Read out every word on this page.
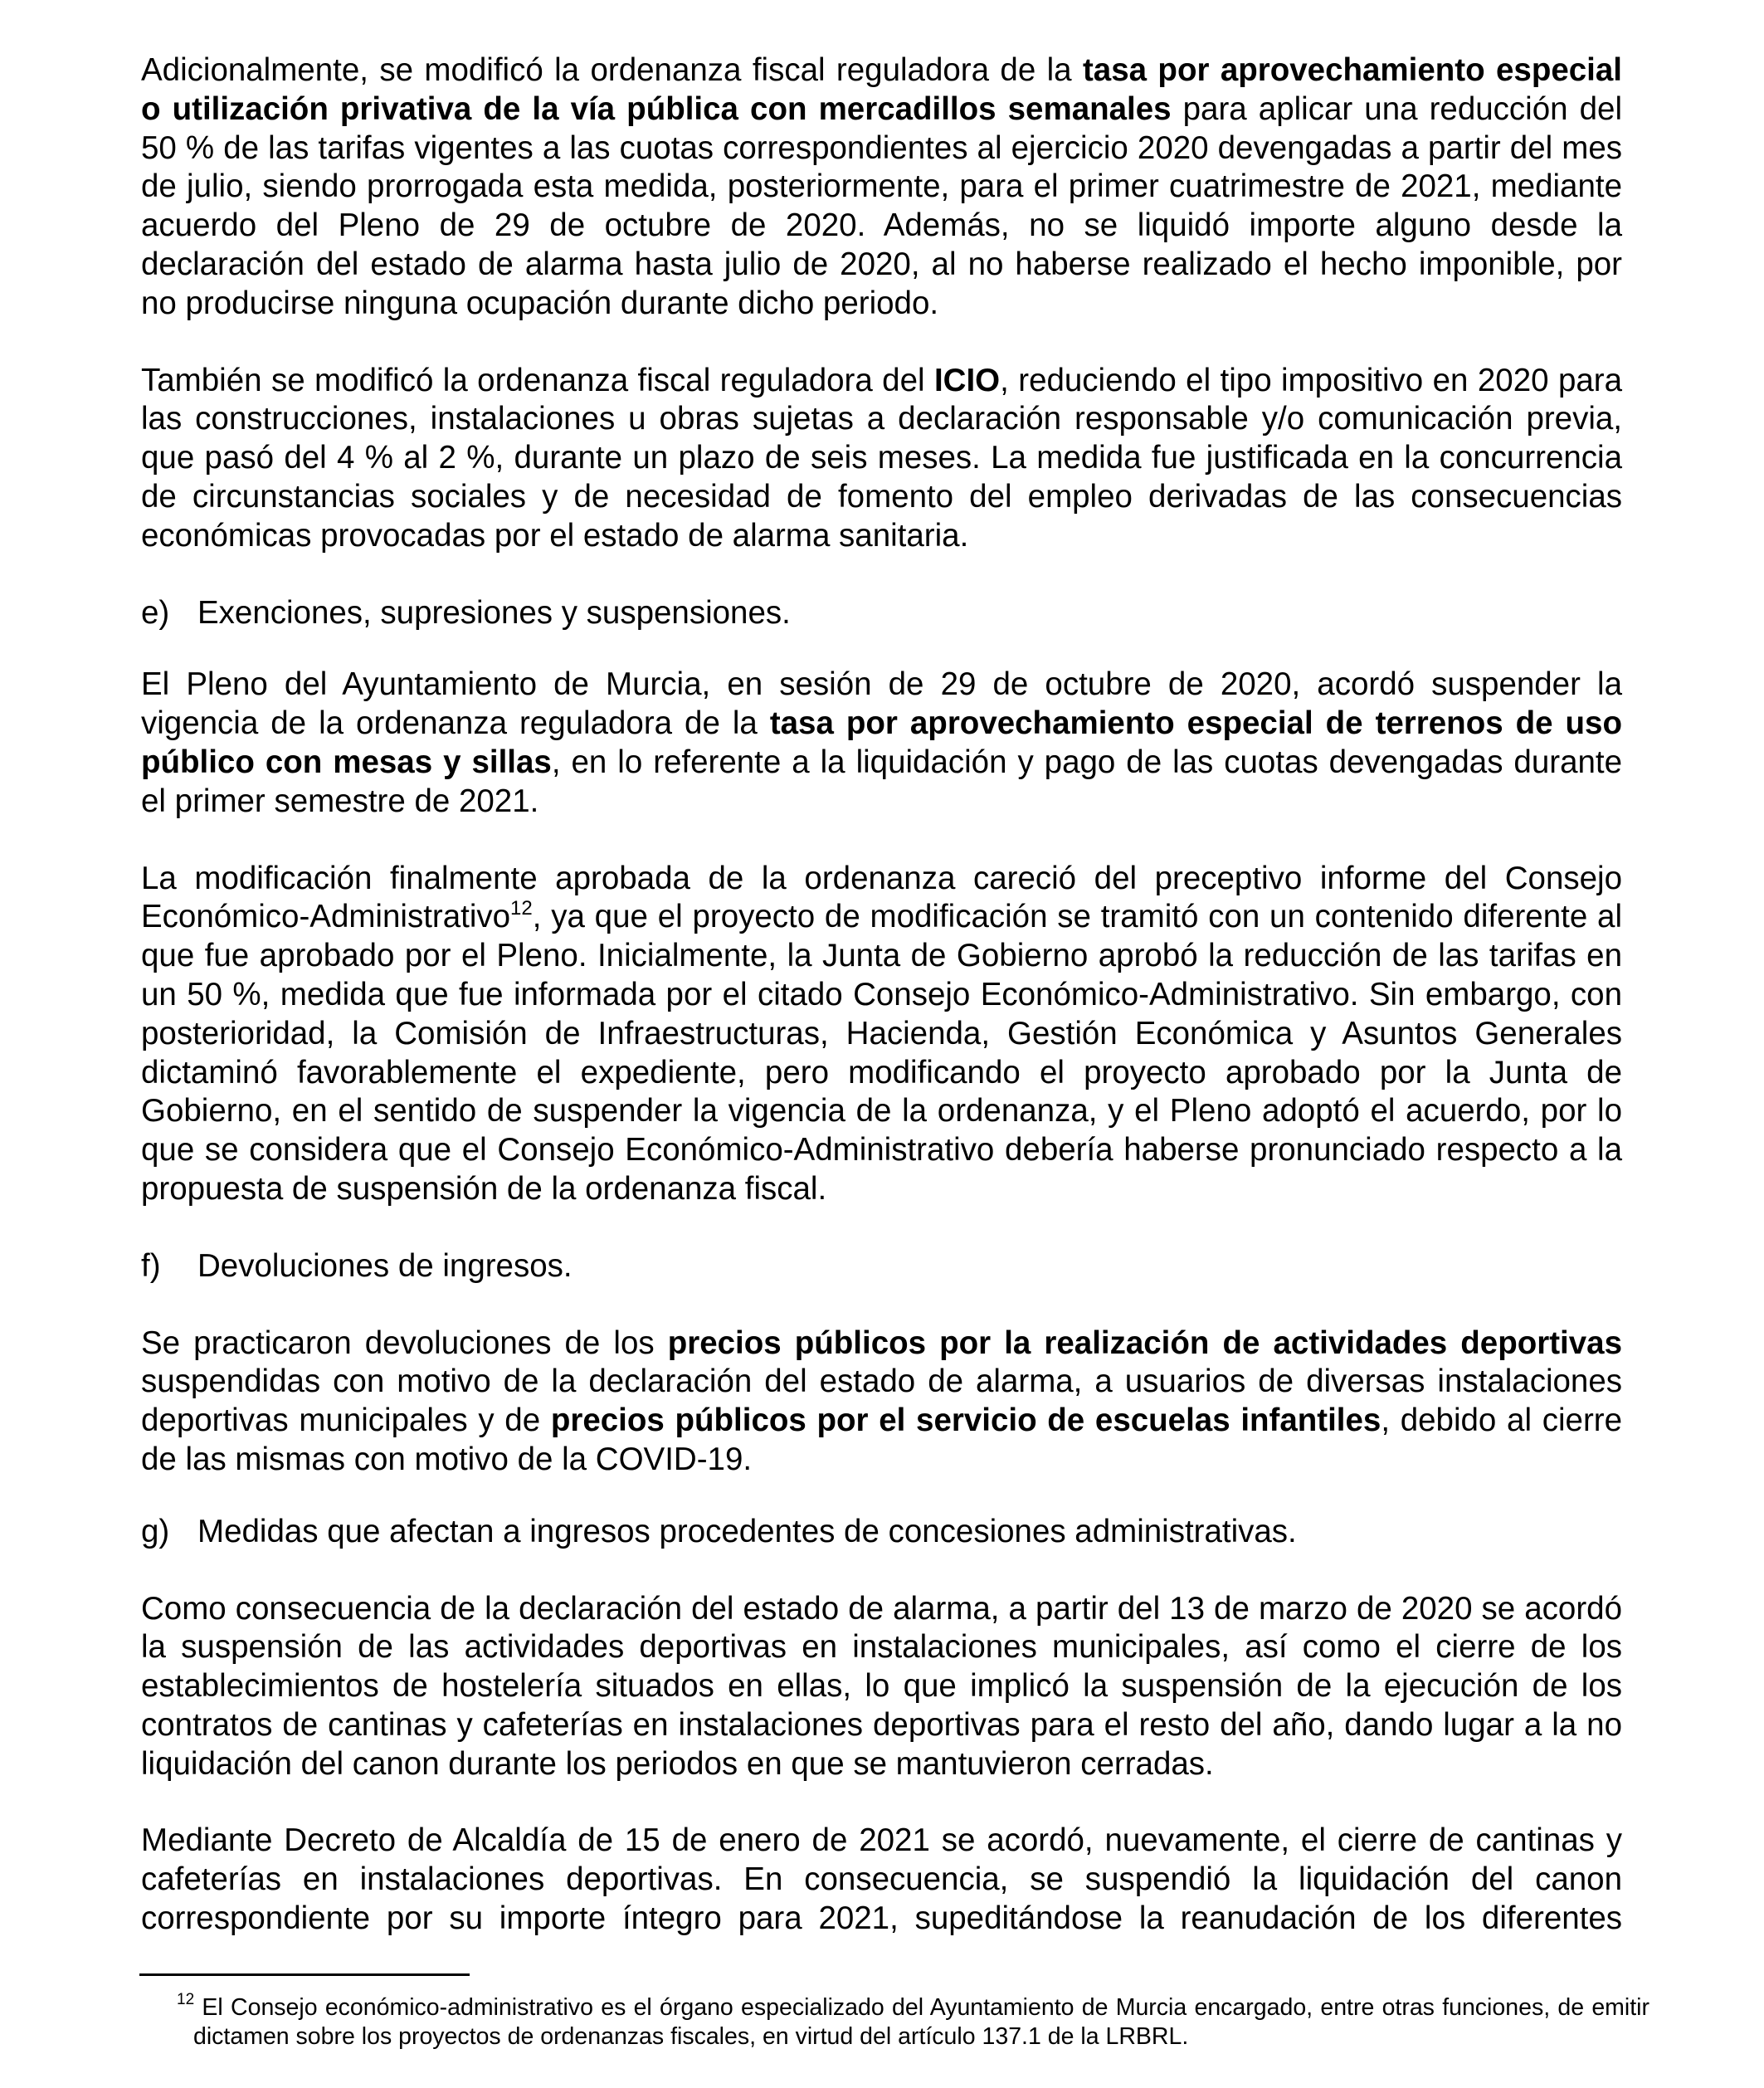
Adicionalmente, se modificó la ordenanza fiscal reguladora de la tasa por aprovechamiento especial o utilización privativa de la vía pública con mercadillos semanales para aplicar una reducción del 50 % de las tarifas vigentes a las cuotas correspondientes al ejercicio 2020 devengadas a partir del mes de julio, siendo prorrogada esta medida, posteriormente, para el primer cuatrimestre de 2021, mediante acuerdo del Pleno de 29 de octubre de 2020. Además, no se liquidó importe alguno desde la declaración del estado de alarma hasta julio de 2020, al no haberse realizado el hecho imponible, por no producirse ninguna ocupación durante dicho periodo.

También se modificó la ordenanza fiscal reguladora del ICIO, reduciendo el tipo impositivo en 2020 para las construcciones, instalaciones u obras sujetas a declaración responsable y/o comunicación previa, que pasó del 4 % al 2 %, durante un plazo de seis meses. La medida fue justificada en la concurrencia de circunstancias sociales y de necesidad de fomento del empleo derivadas de las consecuencias económicas provocadas por el estado de alarma sanitaria.

e) Exenciones, supresiones y suspensiones.

El Pleno del Ayuntamiento de Murcia, en sesión de 29 de octubre de 2020, acordó suspender la vigencia de la ordenanza reguladora de la tasa por aprovechamiento especial de terrenos de uso público con mesas y sillas, en lo referente a la liquidación y pago de las cuotas devengadas durante el primer semestre de 2021.

La modificación finalmente aprobada de la ordenanza careció del preceptivo informe del Consejo Económico-Administrativo$^{12}$, ya que el proyecto de modificación se tramitó con un contenido diferente al que fue aprobado por el Pleno. Inicialmente, la Junta de Gobierno aprobó la reducción de las tarifas en un 50 %, medida que fue informada por el citado Consejo Económico-Administrativo. Sin embargo, con posterioridad, la Comisión de Infraestructuras, Hacienda, Gestión Económica y Asuntos Generales dictaminó favorablemente el expediente, pero modificando el proyecto aprobado por la Junta de Gobierno, en el sentido de suspender la vigencia de la ordenanza, y el Pleno adoptó el acuerdo, por lo que se considera que el Consejo Económico-Administrativo debería haberse pronunciado respecto a la propuesta de suspensión de la ordenanza fiscal.

f)	Devoluciones de ingresos.

Se practicaron devoluciones de los precios públicos por la realización de actividades deportivas suspendidas con motivo de la declaración del estado de alarma, a usuarios de diversas instalaciones deportivas municipales y de precios públicos por el servicio de escuelas infantiles, debido al cierre de las mismas con motivo de la COVID-19.

g) Medidas que afectan a ingresos procedentes de concesiones administrativas.

Como consecuencia de la declaración del estado de alarma, a partir del 13 de marzo de 2020 se acordó la suspensión de las actividades deportivas en instalaciones municipales, así como el cierre de los establecimientos de hostelería situados en ellas, lo que implicó la suspensión de la ejecución de los contratos de cantinas y cafeterías en instalaciones deportivas para el resto del año, dando lugar a la no liquidación del canon durante los periodos en que se mantuvieron cerradas.

Mediante Decreto de Alcaldía de 15 de enero de 2021 se acordó, nuevamente, el cierre de cantinas y cafeterías en instalaciones deportivas. En consecuencia, se suspendió la liquidación del canon correspondiente por su importe íntegro para 2021, supeditándose la reanudación de los diferentes

$^{12}$ El Consejo económico-administrativo es el órgano especializado del Ayuntamiento de Murcia encargado, entre otras funciones, de emitir dictamen sobre los proyectos de ordenanzas fiscales, en virtud del artículo 137.1 de la LRBRL.
